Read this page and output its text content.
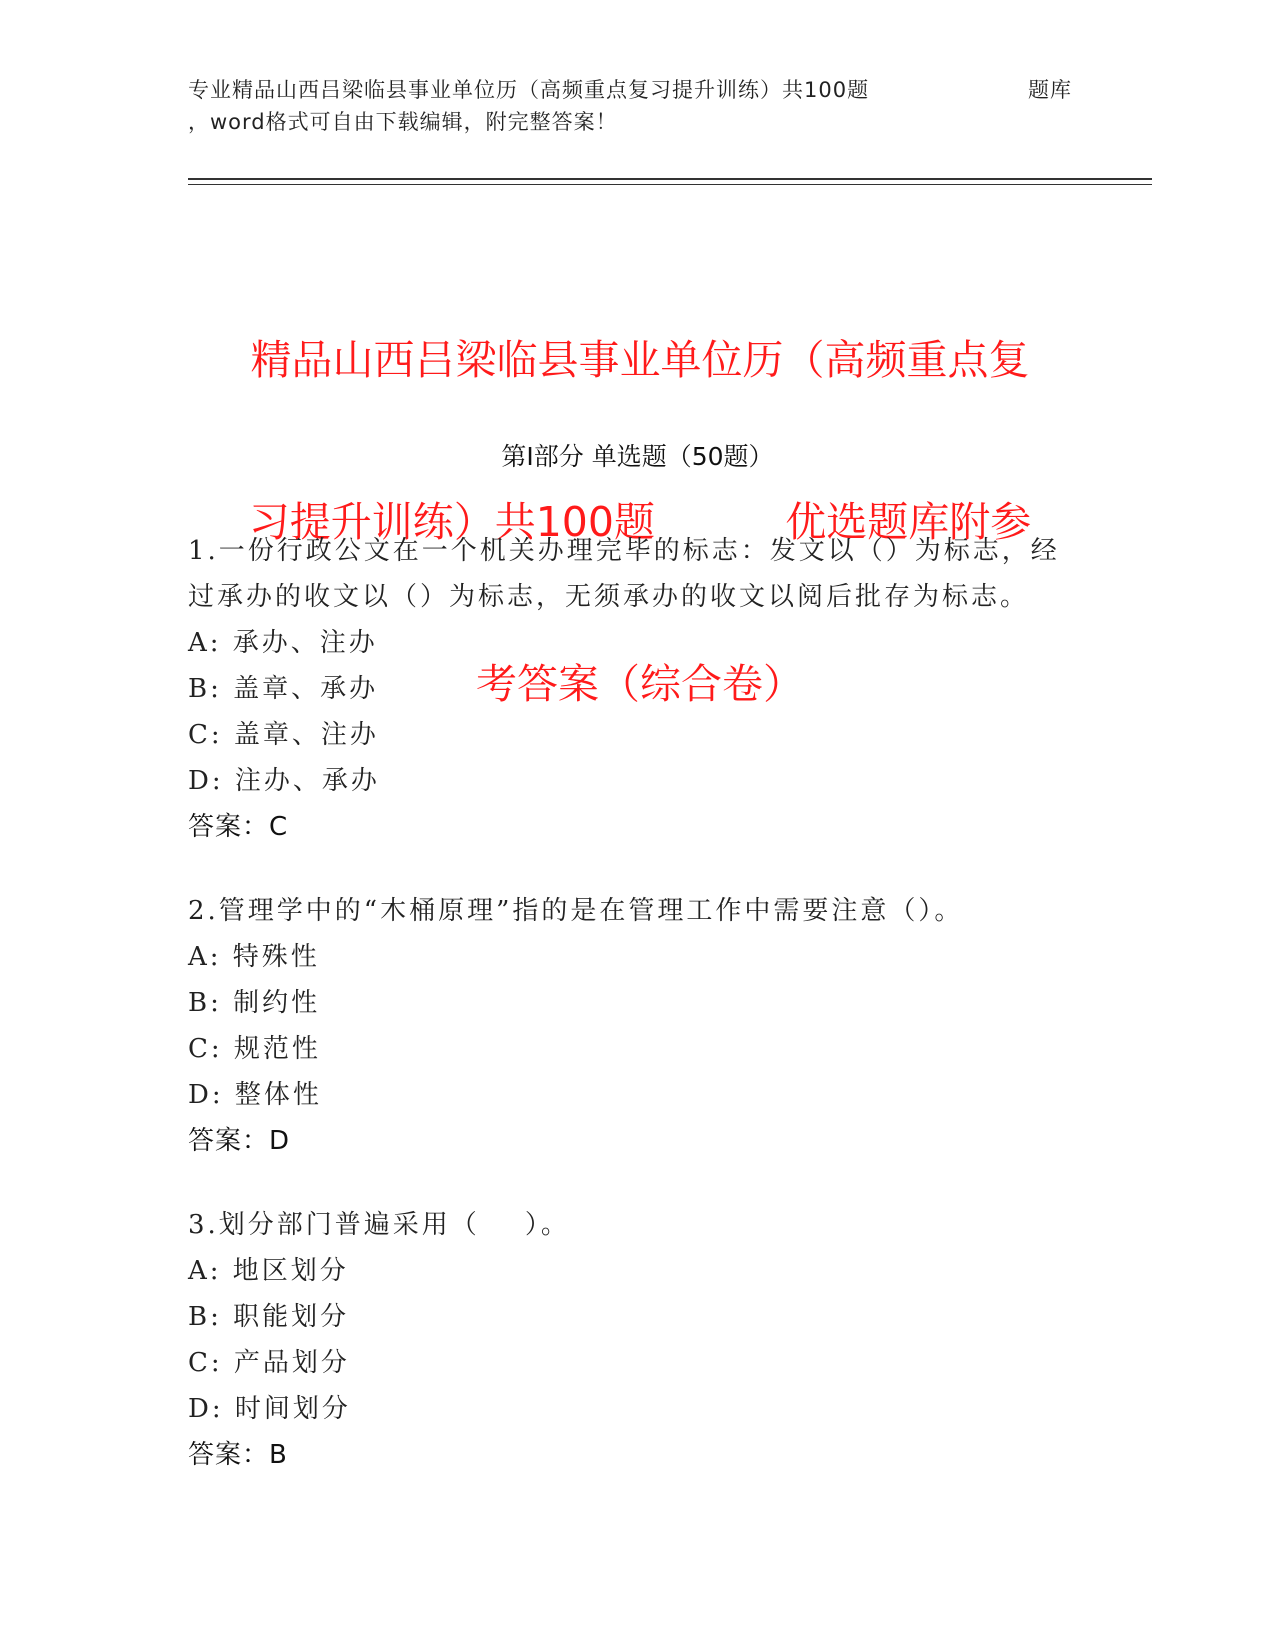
专业精品山西吕梁临县事业单位历（高频重点复习提升训练）共100题	题库
，word格式可自由下载编辑，附完整答案！

精品山西吕梁临县事业单位历（高频重点复

习提升训练）共100题          优选题库附参

考答案（综合卷）

第I部分 单选题（50题）
1.一份行政公文在一个机关办理完毕的标志：发文以（）为标志，经
过承办的收文以（）为标志，无须承办的收文以阅后批存为标志。
A: 承办、注办
B: 盖章、承办
C: 盖章、注办
D: 注办、承办
答案：C
2.管理学中的“木桶原理”指的是在管理工作中需要注意（）。
A: 特殊性
B: 制约性
C: 规范性
D: 整体性
答案：D
3.划分部门普遍采用（    ）。
A: 地区划分
B: 职能划分
C: 产品划分
D: 时间划分
答案：B
